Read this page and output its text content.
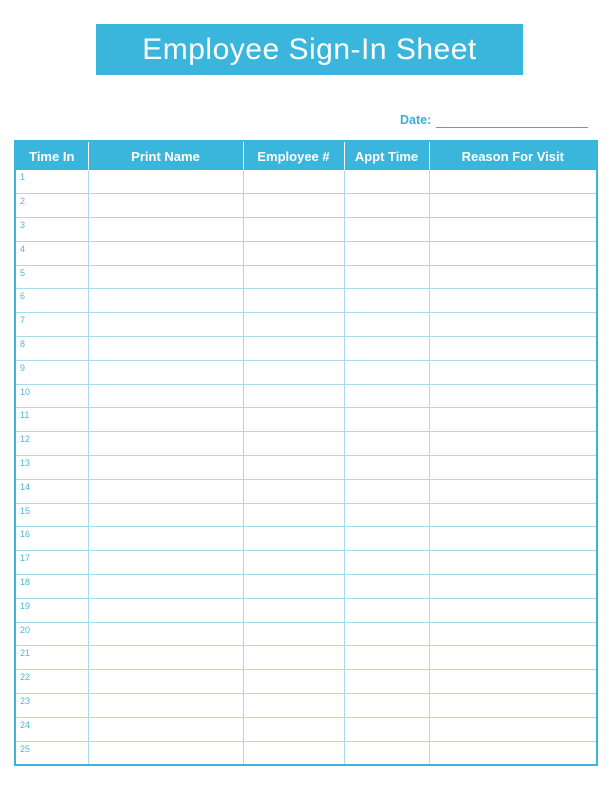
Employee Sign-In Sheet
Date:
Time In	Print Name	Employee #	Appt Time	Reason For Visit
1				
2				
3				
4				
5				
6				
7				
8				
9				
10				
11				
12				
13				
14				
15				
16				
17				
18				
19				
20				
21				
22				
23				
24				
25				
